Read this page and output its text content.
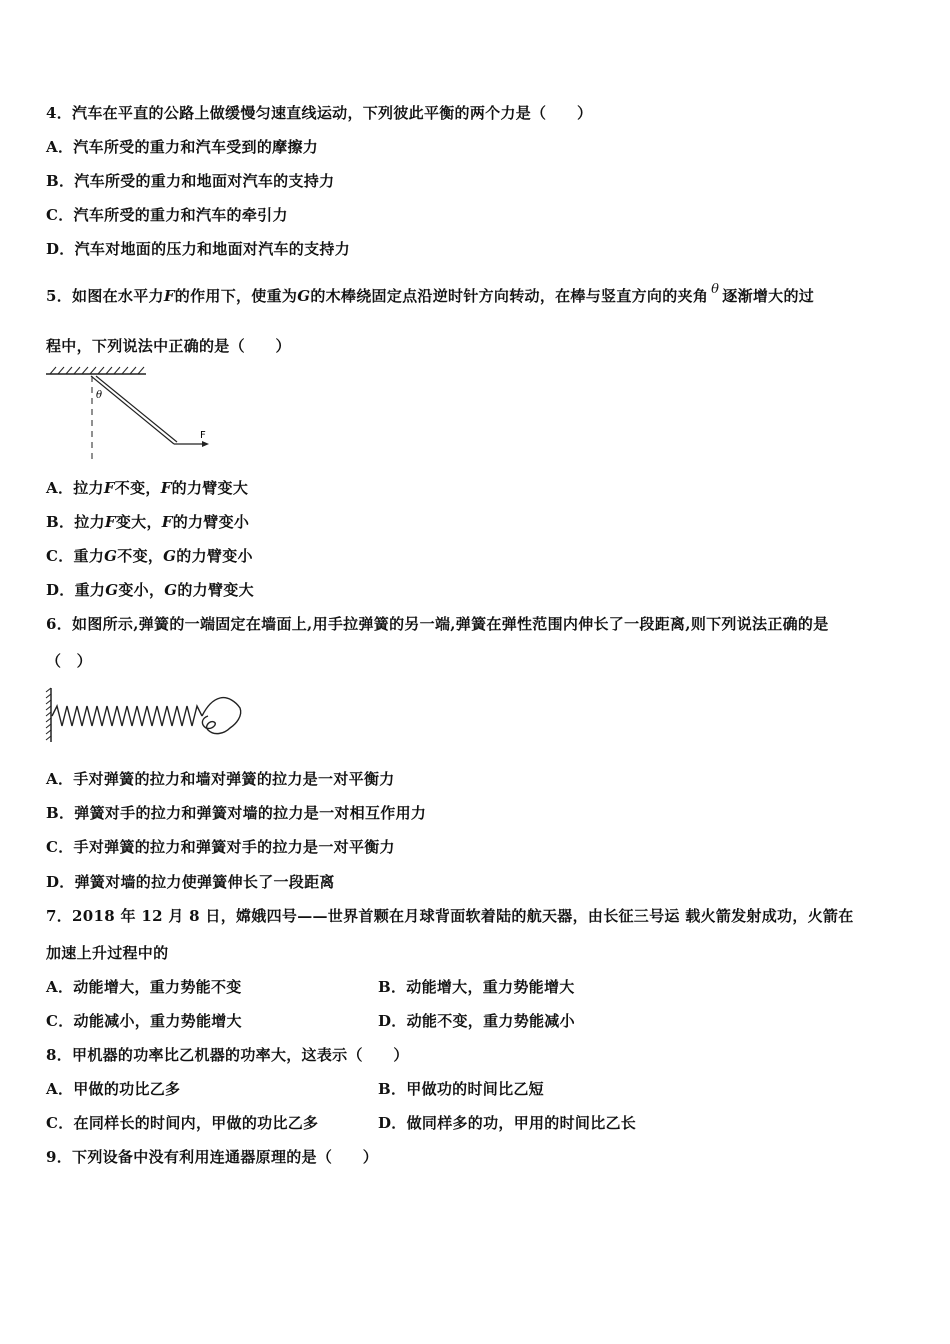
4．汽车在平直的公路上做缓慢匀速直线运动，下列彼此平衡的两个力是（　　）
A．汽车所受的重力和汽车受到的摩擦力
B．汽车所受的重力和地面对汽车的支持力
C．汽车所受的重力和汽车的牵引力
D．汽车对地面的压力和地面对汽车的支持力
5．如图在水平力F的作用下，使重为G的木棒绕固定点沿逆时针方向转动，在棒与竖直方向的夹角 θ 逐渐增大的过
程中，下列说法中正确的是（　　）
θ
F
A．拉力F不变，F的力臂变大
B．拉力F变大，F的力臂变小
C．重力G不变，G的力臂变小
D．重力G变小，G的力臂变大
6．如图所示,弹簧的一端固定在墙面上,用手拉弹簧的另一端,弹簧在弹性范围内伸长了一段距离,则下列说法正确的是
（　）
A．手对弹簧的拉力和墙对弹簧的拉力是一对平衡力
B．弹簧对手的拉力和弹簧对墙的拉力是一对相互作用力
C．手对弹簧的拉力和弹簧对手的拉力是一对平衡力
D．弹簧对墙的拉力使弹簧伸长了一段距离
7．2018 年 12 月 8 日，嫦娥四号——世界首颗在月球背面软着陆的航天器，由长征三号运 载火箭发射成功，火箭在
加速上升过程中的
A．动能增大，重力势能不变	B．动能增大，重力势能增大
C．动能减小，重力势能增大	D．动能不变，重力势能减小
8．甲机器的功率比乙机器的功率大，这表示（　　）
A．甲做的功比乙多	B．甲做功的时间比乙短
C．在同样长的时间内，甲做的功比乙多	D．做同样多的功，甲用的时间比乙长
9．下列设备中没有利用连通器原理的是（　　）
